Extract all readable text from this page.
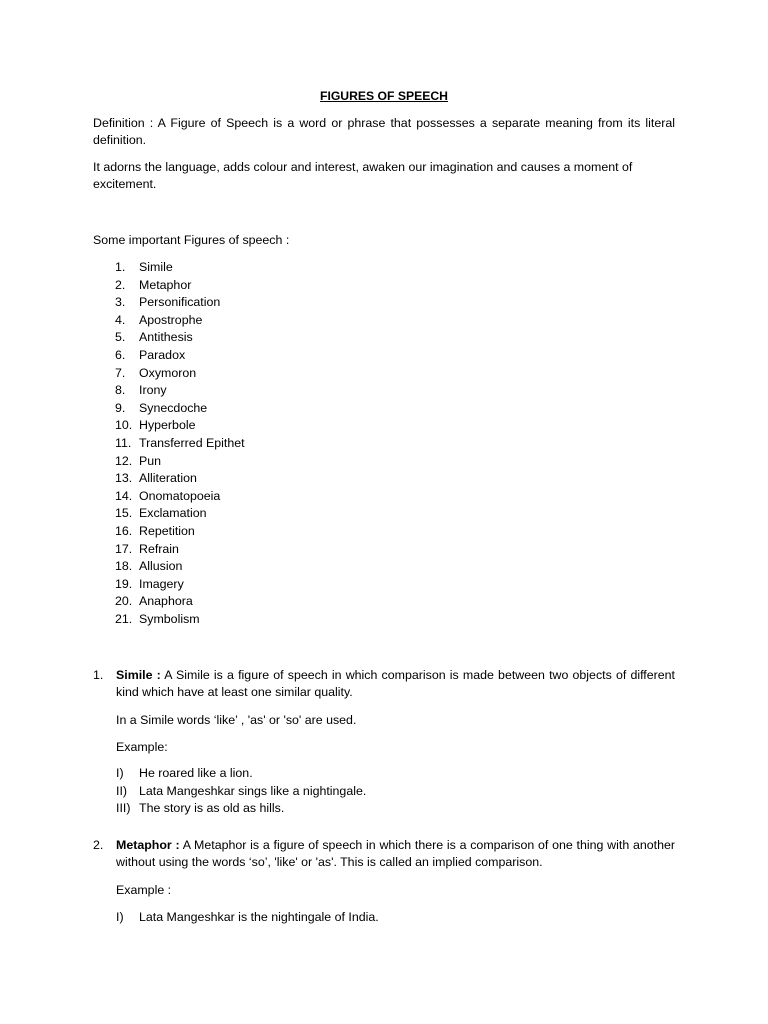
FIGURES OF SPEECH
Definition : A Figure of Speech is a word or phrase that possesses a separate meaning from its literal definition.
It adorns the language, adds colour and interest, awaken our imagination and causes a moment of excitement.
Some important Figures of speech :
1. Simile
2. Metaphor
3. Personification
4. Apostrophe
5. Antithesis
6. Paradox
7. Oxymoron
8. Irony
9. Synecdoche
10. Hyperbole
11. Transferred Epithet
12. Pun
13. Alliteration
14. Onomatopoeia
15. Exclamation
16. Repetition
17. Refrain
18. Allusion
19. Imagery
20. Anaphora
21. Symbolism
1. Simile : A Simile is a figure of speech in which comparison is made between two objects of different kind which have at least one similar quality.
In a Simile words ‘like’ , 'as' or 'so' are used.
Example:
I) He roared like a lion.
II) Lata Mangeshkar sings like a nightingale.
III) The story is as old as hills.
2. Metaphor : A Metaphor is a figure of speech in which there is a comparison of one thing with another without using the words ‘so’, 'like' or 'as'. This is called an implied comparison.
Example :
I) Lata Mangeshkar is the nightingale of India.
